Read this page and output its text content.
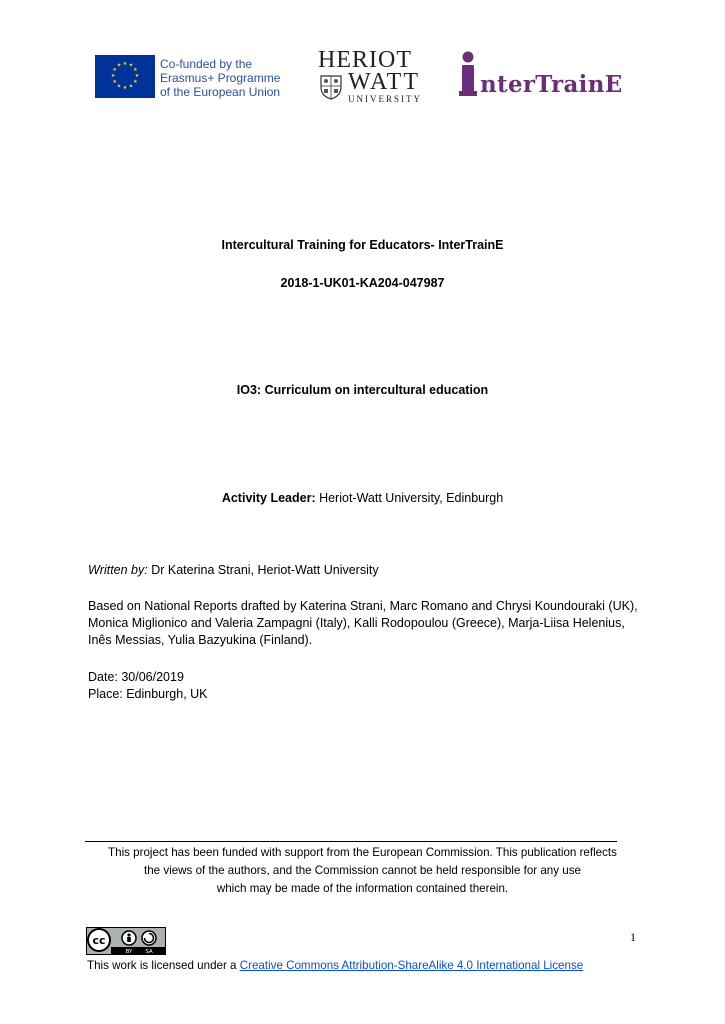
★ ★
★
★
★
★
★
★
★
★
★
★	Co-funded by the
Erasmus+ Programme
of the European Union
HERIOT
WATT
UNIVERSITY
nterTrainE
Intercultural Training for Educators- InterTrainE
2018-1-UK01-KA204-047987
IO3: Curriculum on intercultural education
Activity Leader: Heriot-Watt University, Edinburgh
Written by: Dr Katerina Strani, Heriot-Watt University
Based on National Reports drafted by Katerina Strani, Marc Romano and Chrysi Koundouraki (UK), Monica Miglionico and Valeria Zampagni (Italy), Kalli Rodopoulou (Greece), Marja-Liisa Helenius, Inês Messias, Yulia Bazyukina (Finland).
Date: 30/06/2019
Place: Edinburgh, UK
This project has been funded with support from the European Commission. This publication reflects
the views of the authors, and the Commission cannot be held responsible for any use
which may be made of the information contained therein.
cc
BY SA
1
This work is licensed under a Creative Commons Attribution-ShareAlike 4.0 International License
